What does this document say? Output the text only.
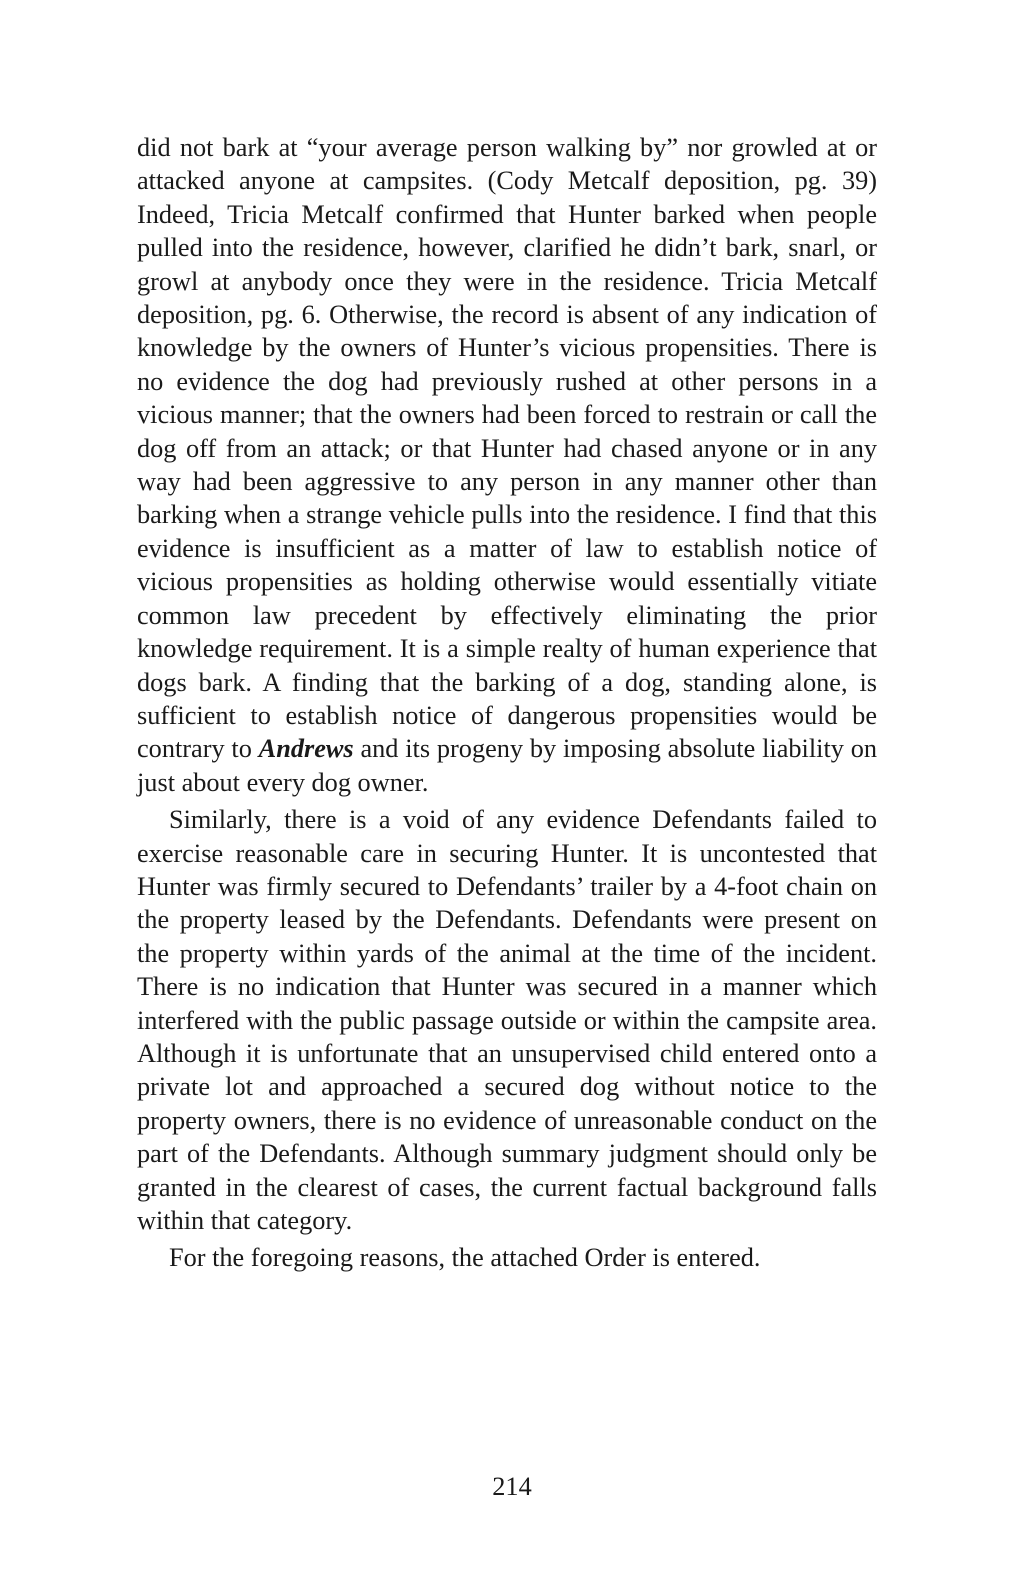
did not bark at “your average person walking by” nor growled at or attacked anyone at campsites. (Cody Metcalf deposition, pg. 39) Indeed, Tricia Metcalf confirmed that Hunter barked when people pulled into the residence, however, clarified he didn’t bark, snarl, or growl at anybody once they were in the residence. Tricia Metcalf deposition, pg. 6. Otherwise, the record is absent of any indication of knowledge by the owners of Hunter’s vicious propensities. There is no evidence the dog had previously rushed at other persons in a vicious manner; that the owners had been forced to restrain or call the dog off from an attack; or that Hunter had chased anyone or in any way had been aggressive to any person in any manner other than barking when a strange vehicle pulls into the residence. I find that this evidence is insufficient as a matter of law to establish notice of vicious propensities as holding otherwise would essentially vitiate common law precedent by effectively eliminating the prior knowledge requirement. It is a simple realty of human experience that dogs bark. A finding that the barking of a dog, standing alone, is sufficient to establish notice of dangerous propensities would be contrary to Andrews and its progeny by imposing absolute liability on just about every dog owner.

Similarly, there is a void of any evidence Defendants failed to exercise reasonable care in securing Hunter. It is uncontested that Hunter was firmly secured to Defendants’ trailer by a 4-foot chain on the property leased by the Defendants. Defendants were present on the property within yards of the animal at the time of the incident. There is no indication that Hunter was secured in a manner which interfered with the public passage outside or within the campsite area. Although it is unfortunate that an unsupervised child entered onto a private lot and approached a secured dog without notice to the property owners, there is no evidence of unreasonable conduct on the part of the Defendants. Although summary judgment should only be granted in the clearest of cases, the current factual background falls within that category.

For the foregoing reasons, the attached Order is entered.

214
